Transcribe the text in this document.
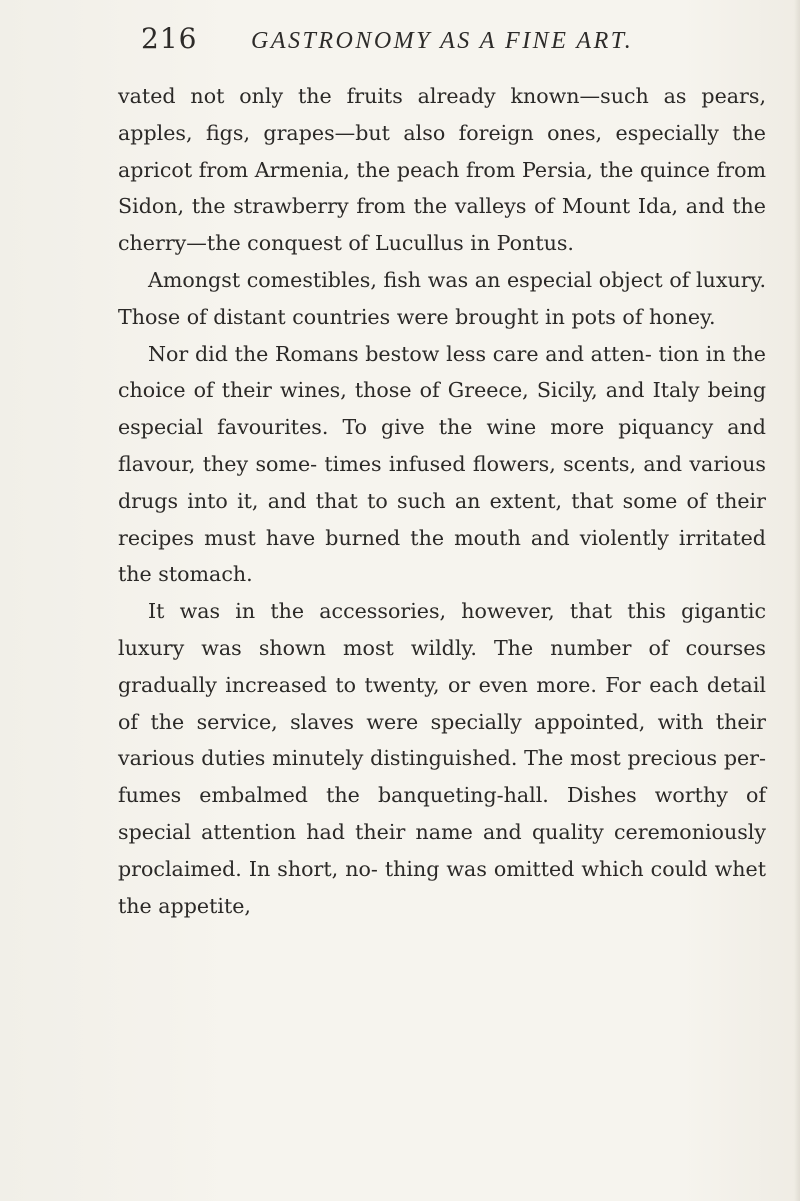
216	GASTRONOMY AS A FINE ART.

vated not only the fruits already known—such as pears, apples, figs, grapes—but also foreign ones, especially the apricot from Armenia, the peach from Persia, the quince from Sidon, the strawberry from the valleys of Mount Ida, and the cherry—the conquest of Lucullus in Pontus.

Amongst comestibles, fish was an especial object of luxury. Those of distant countries were brought in pots of honey.

Nor did the Romans bestow less care and atten- tion in the choice of their wines, those of Greece, Sicily, and Italy being especial favourites. To give the wine more piquancy and flavour, they some- times infused flowers, scents, and various drugs into it, and that to such an extent, that some of their recipes must have burned the mouth and violently irritated the stomach.

It was in the accessories, however, that this gigantic luxury was shown most wildly. The number of courses gradually increased to twenty, or even more. For each detail of the service, slaves were specially appointed, with their various duties minutely distinguished. The most precious per- fumes embalmed the banqueting-hall. Dishes worthy of special attention had their name and quality ceremoniously proclaimed. In short, no- thing was omitted which could whet the appetite,
